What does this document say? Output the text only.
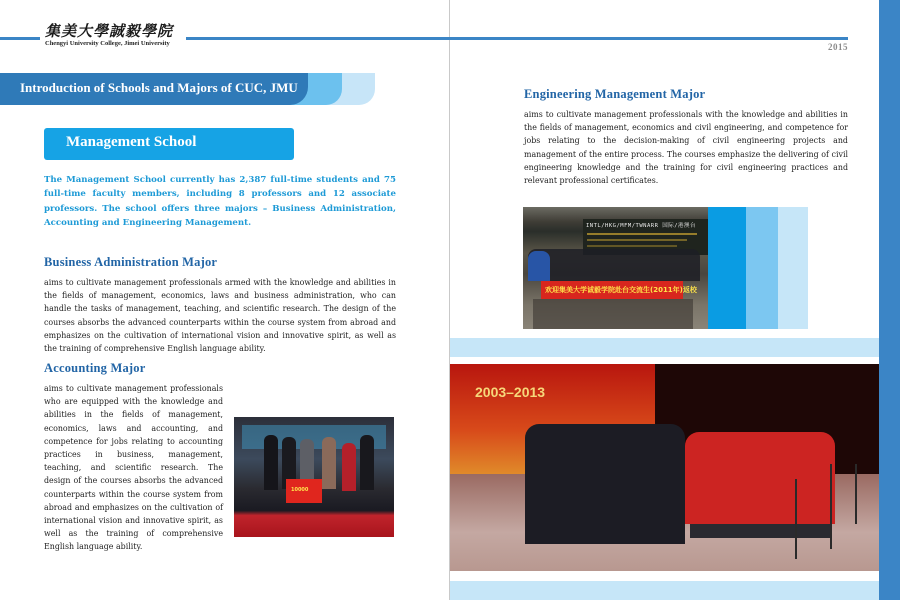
集美大學誠毅學院
Chengyi University College, Jimei University	2015
Introduction of Schools and Majors of CUC, JMU
Management School
The Management School currently has 2,387 full-time students and 75 full-time faculty members, including 8 professors and 12 associate professors. The school offers three majors – Business Administration, Accounting and Engineering Management.
Business Administration Major
aims to cultivate management professionals armed with the knowledge and abilities in the fields of management, economics, laws and business administration, who can handle the tasks of management, teaching, and scientific research. The design of the courses absorbs the advanced counterparts within the course system from abroad and emphasizes on the cultivation of international vision and innovative spirit, as well as the training of comprehensive English language ability.
Accounting Major
aims to cultivate management professionals who are equipped with the knowledge and abilities in the fields of management, economics, laws and accounting, and competence for jobs relating to accounting practices in business, management, teaching, and scientific research. The design of the courses absorbs the advanced counterparts within the course system from abroad and emphasizes on the cultivation of international vision and innovative spirit, as well as the training of comprehensive English language ability.
10000
Engineering Management Major
aims to cultivate management professionals with the knowledge and abilities in the fields of management, economics and civil engineering, and competence for jobs relating to the decision-making of civil engineering projects and management of the entire process. The courses emphasize the delivering of civil engineering knowledge and the training for civil engineering practices and relevant professional certificates.
INTL/HKG/MFM/TWNARR 国际/港澳台
欢迎集美大学诚毅学院赴台交流生(2011年)返校
2003–2013
